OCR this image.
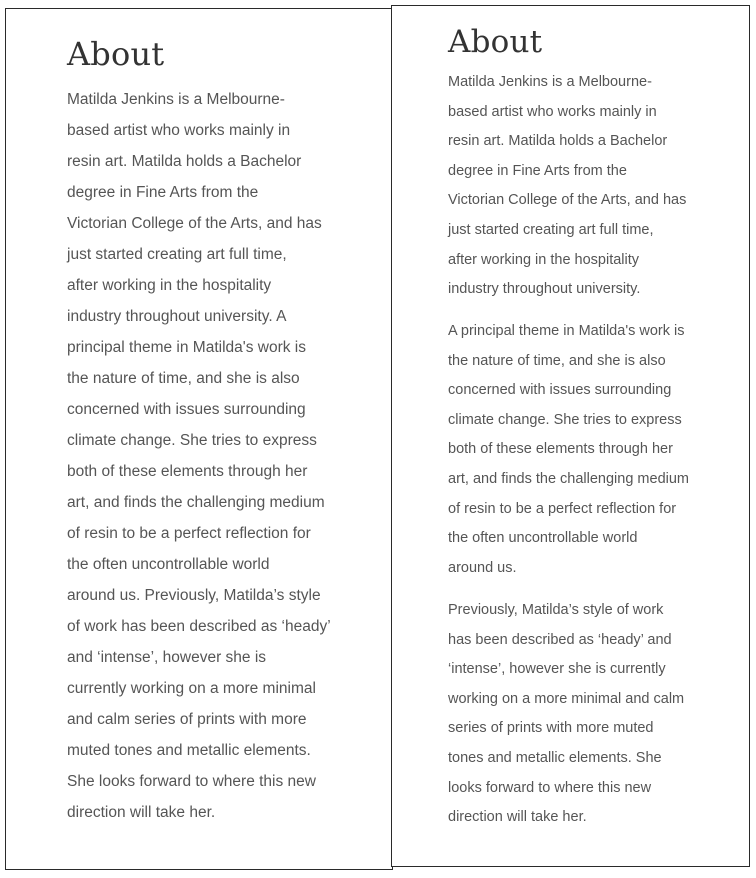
About
Matilda Jenkins is a Melbourne-
based artist who works mainly in
resin art. Matilda holds a Bachelor
degree in Fine Arts from the
Victorian College of the Arts, and has
just started creating art full time,
after working in the hospitality
industry throughout university. A
principal theme in Matilda's work is
the nature of time, and she is also
concerned with issues surrounding
climate change. She tries to express
both of these elements through her
art, and finds the challenging medium
of resin to be a perfect reflection for
the often uncontrollable world
around us. Previously, Matilda’s style
of work has been described as ‘heady’
and ‘intense’, however she is
currently working on a more minimal
and calm series of prints with more
muted tones and metallic elements.
She looks forward to where this new
direction will take her.
About
Matilda Jenkins is a Melbourne-
based artist who works mainly in
resin art. Matilda holds a Bachelor
degree in Fine Arts from the
Victorian College of the Arts, and has
just started creating art full time,
after working in the hospitality
industry throughout university.
A principal theme in Matilda's work is
the nature of time, and she is also
concerned with issues surrounding
climate change. She tries to express
both of these elements through her
art, and finds the challenging medium
of resin to be a perfect reflection for
the often uncontrollable world
around us.
Previously, Matilda’s style of work
has been described as ‘heady’ and
‘intense’, however she is currently
working on a more minimal and calm
series of prints with more muted
tones and metallic elements. She
looks forward to where this new
direction will take her.
